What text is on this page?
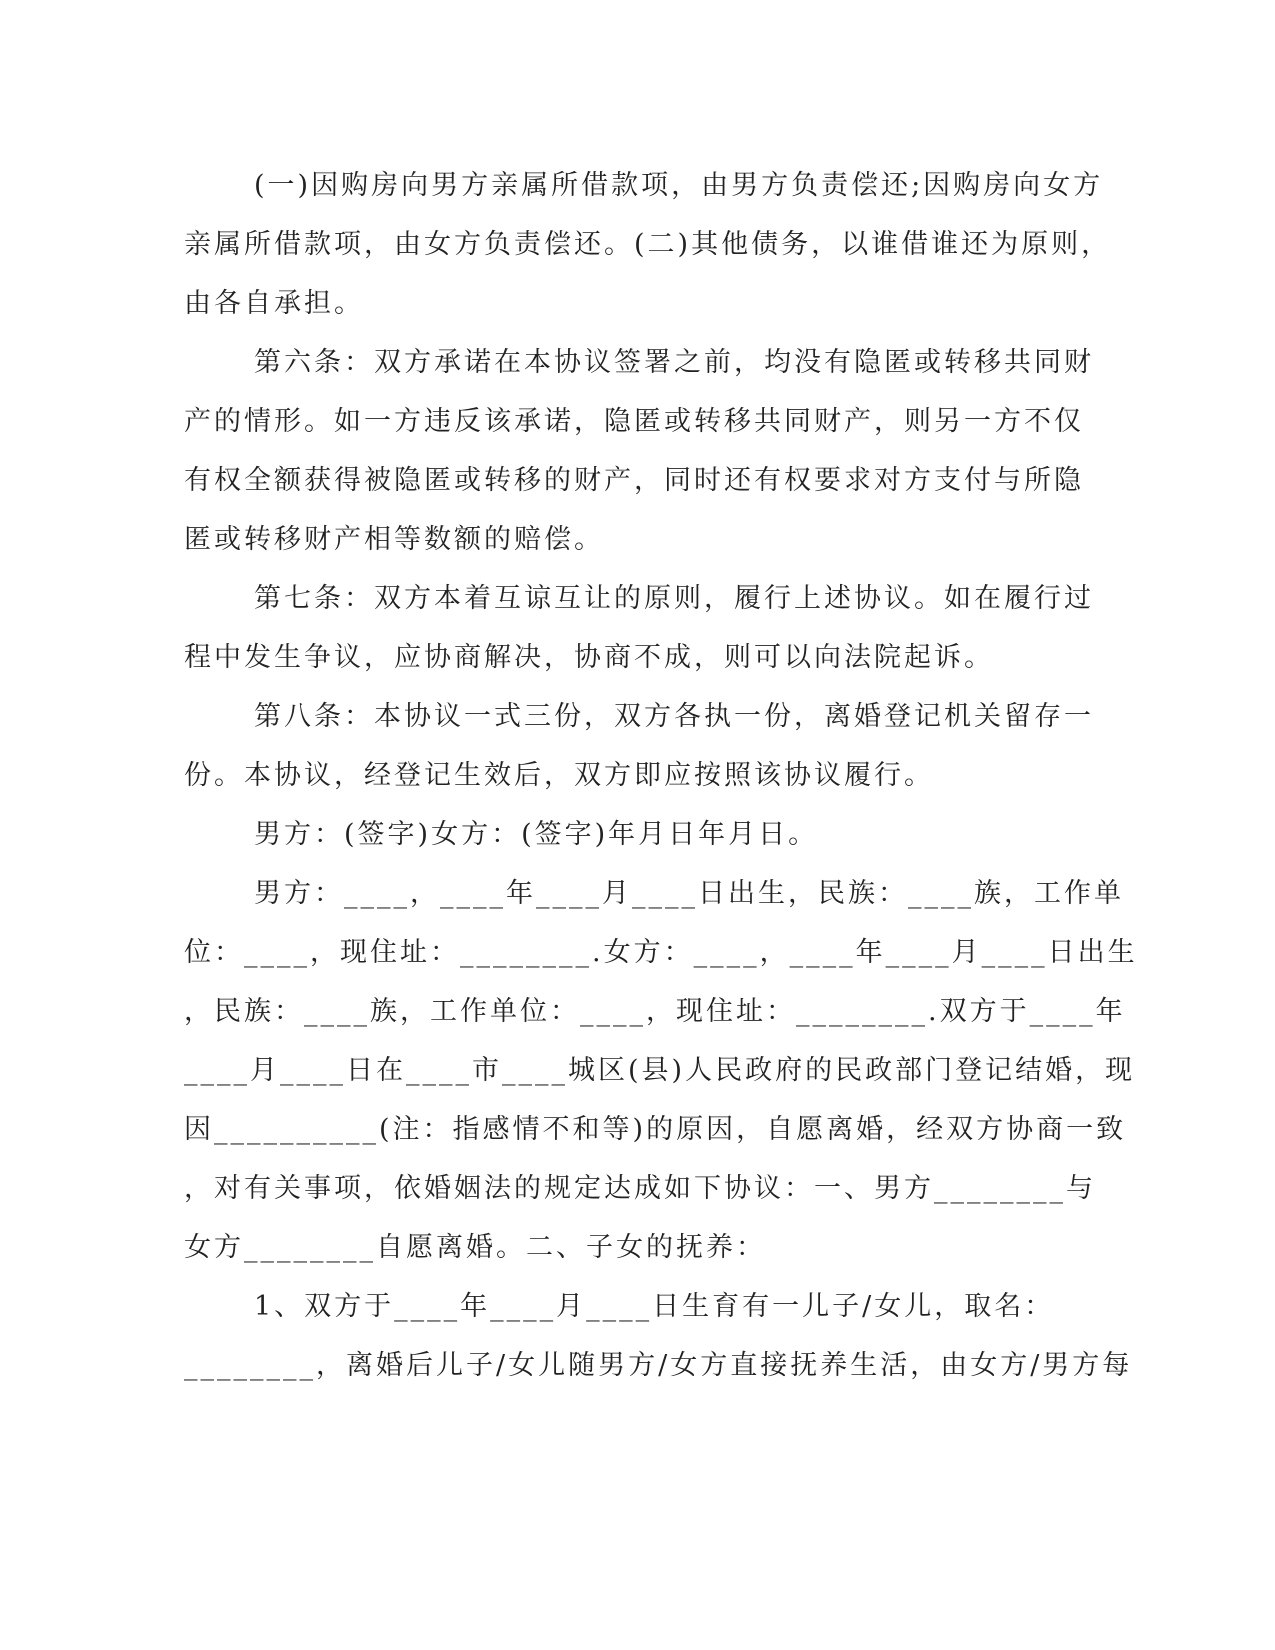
(一)因购房向男方亲属所借款项，由男方负责偿还;因购房向女方
亲属所借款项，由女方负责偿还。(二)其他债务，以谁借谁还为原则，
由各自承担。
第六条：双方承诺在本协议签署之前，均没有隐匿或转移共同财
产的情形。如一方违反该承诺，隐匿或转移共同财产，则另一方不仅
有权全额获得被隐匿或转移的财产，同时还有权要求对方支付与所隐
匿或转移财产相等数额的赔偿。
第七条：双方本着互谅互让的原则，履行上述协议。如在履行过
程中发生争议，应协商解决，协商不成，则可以向法院起诉。
第八条：本协议一式三份，双方各执一份，离婚登记机关留存一
份。本协议，经登记生效后，双方即应按照该协议履行。
男方：(签字)女方：(签字)年月日年月日。
男方：____，____年____月____日出生，民族：____族，工作单
位：____，现住址：________.女方：____，____年____月____日出生
，民族：____族，工作单位：____，现住址：________.双方于____年
____月____日在____市____城区(县)人民政府的民政部门登记结婚，现
因__________(注：指感情不和等)的原因，自愿离婚，经双方协商一致
，对有关事项，依婚姻法的规定达成如下协议：一、男方________与
女方________自愿离婚。二、子女的抚养：
1、双方于____年____月____日生育有一儿子/女儿，取名：
________，离婚后儿子/女儿随男方/女方直接抚养生活，由女方/男方每
